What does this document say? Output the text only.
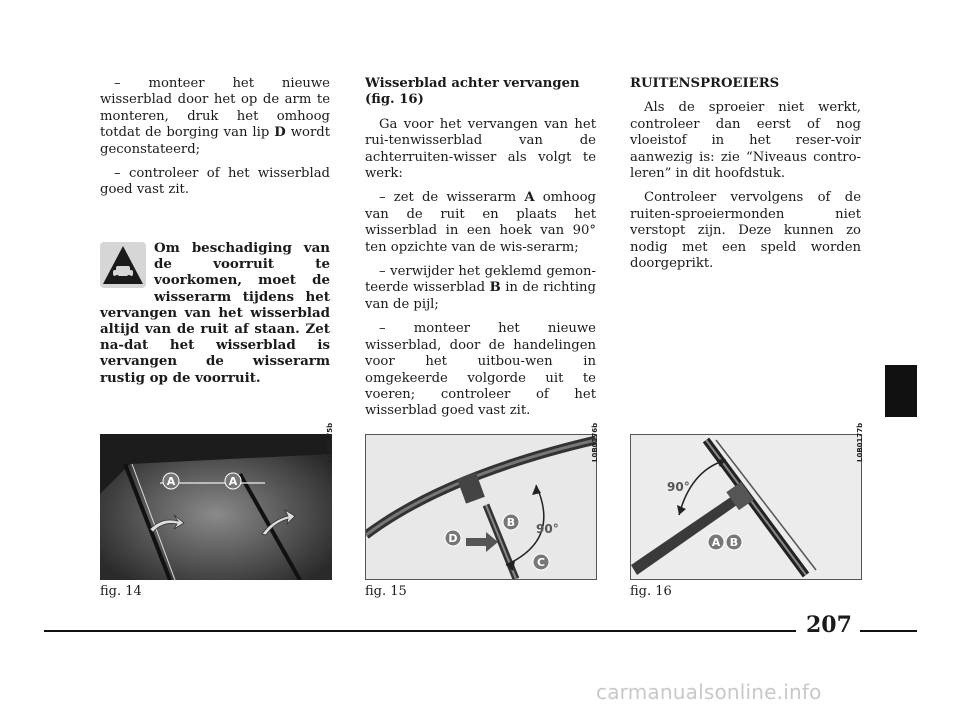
– monteer het nieuwe wisserblad door het op de arm te monteren, druk het omhoog totdat de borging van lip D wordt geconstateerd;

– controleer of het wisserblad goed vast zit.

Om beschadiging van de voorruit te voorkomen, moet de wisserarm tijdens het vervangen van het wisserblad altijd van de ruit af staan. Zet na-dat het wisserblad is vervangen de wisserarm rustig op de voorruit.

Wisserblad achter vervangen
(fig. 16)

Ga voor het vervangen van het rui-tenwisserblad van de achterruiten-wisser als volgt te werk:

– zet de wisserarm A omhoog van de ruit en plaats het wisserblad in een hoek van 90° ten opzichte van de wis-serarm;

– verwijder het geklemd gemon-teerde wisserblad B in de richting van de pijl;

– monteer het nieuwe wisserblad, door de handelingen voor het uitbou-wen in omgekeerde volgorde uit te voeren; controleer of het wisserblad goed vast zit.

RUITENSPROEIERS

Als de sproeier niet werkt, controleer dan eerst of nog vloeistof in het reser-voir aanwezig is: zie “Niveaus contro-leren” in dit hoofdstuk.

Controleer vervolgens of de ruiten-sproeiermonden niet verstopt zijn. Deze kunnen zo nodig met een speld worden doorgeprikt.

A	A
L0B0175b
90°
B
D
C
L0B0176b
90°
A B
L0B0177b
fig. 14	fig. 15	fig. 16
207
carmanualsonline.info
